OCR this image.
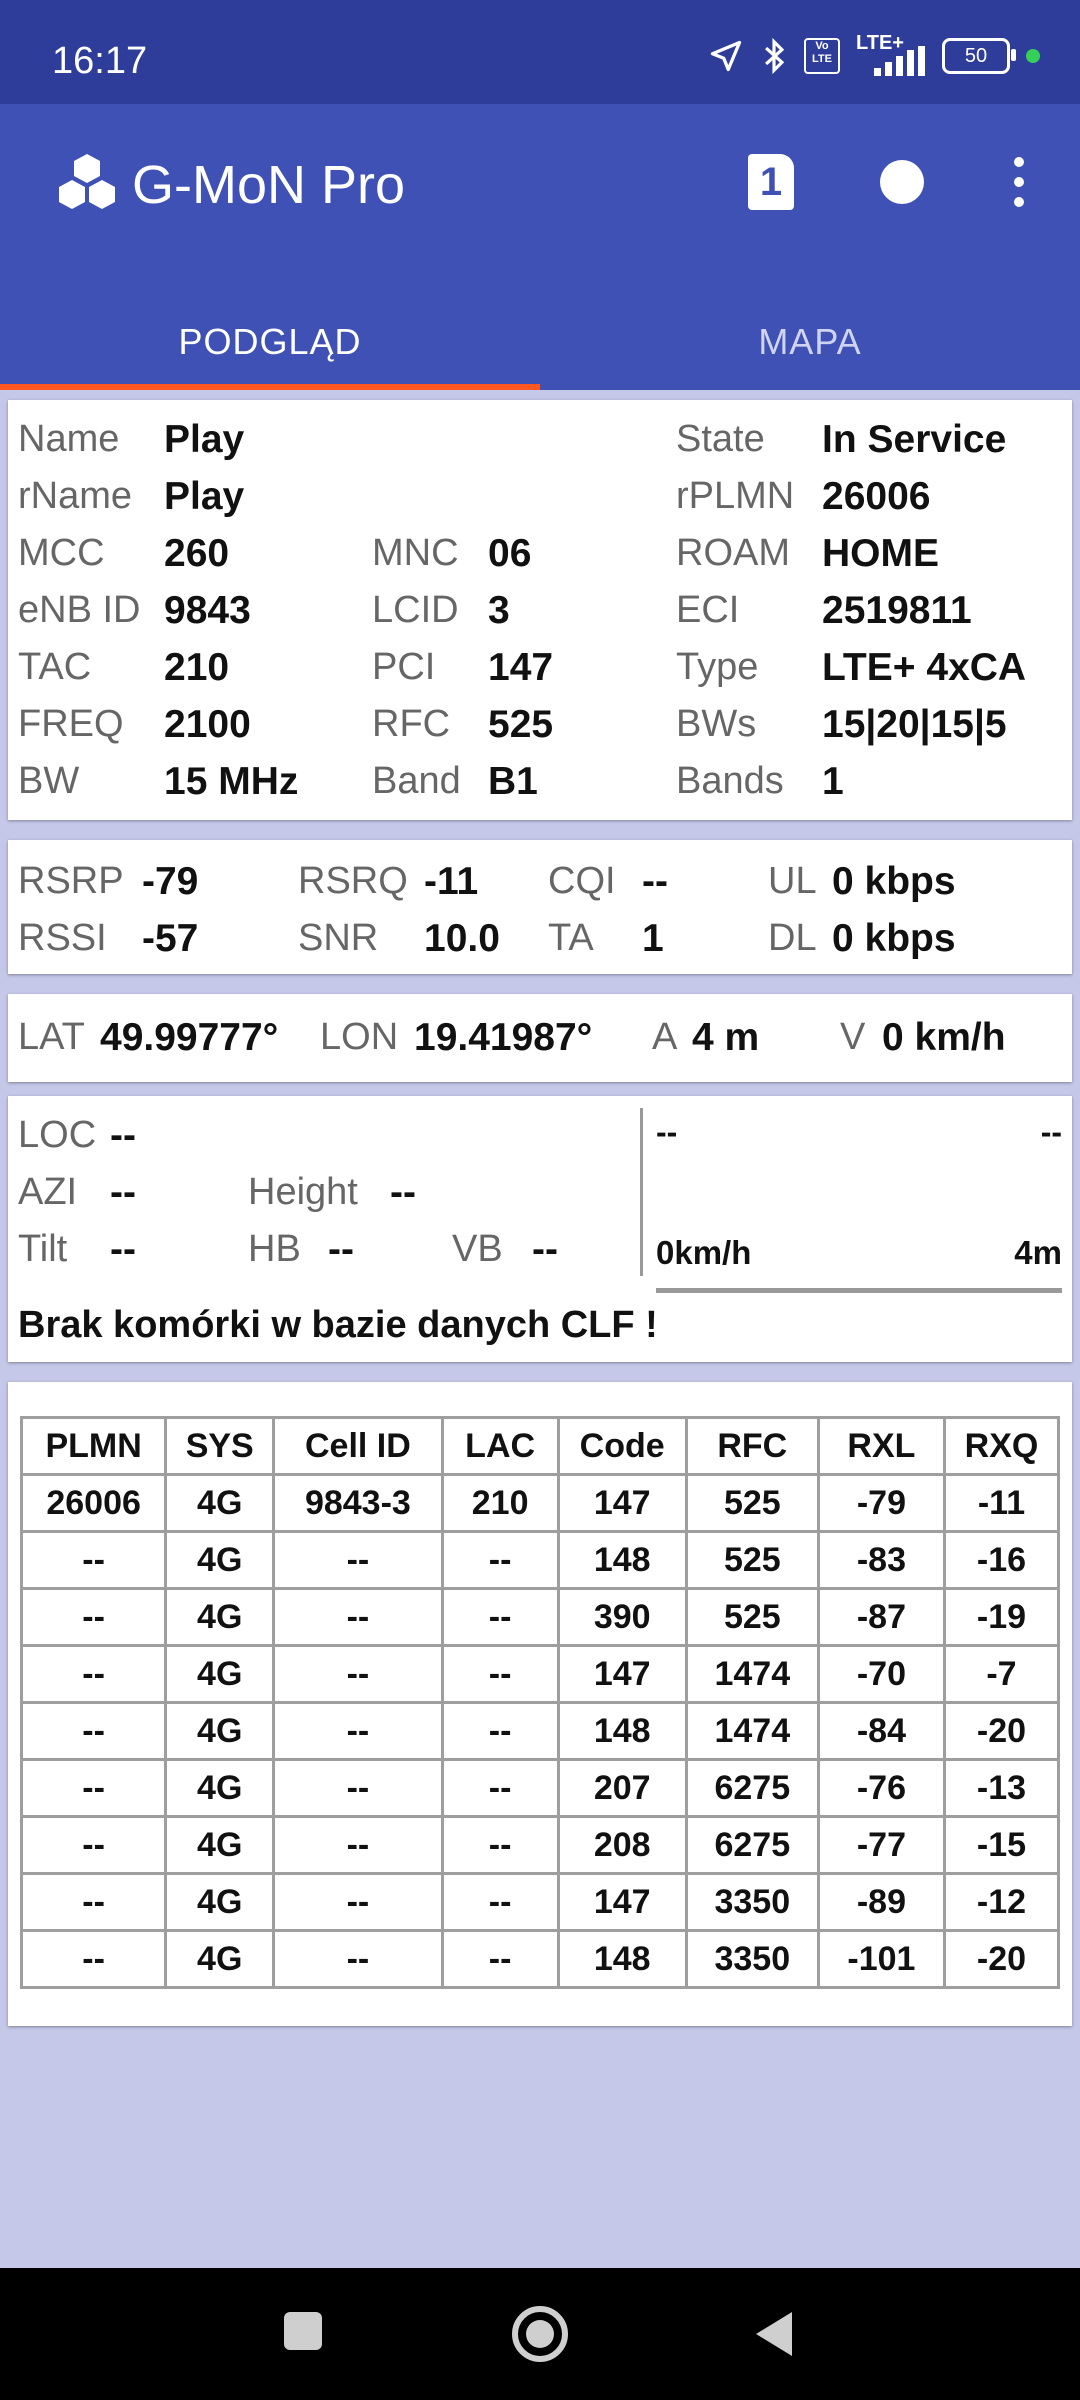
16:17	Vo LTE
LTE+
50
G-MoN Pro	1
PODGLĄD	MAPA
Name Play	State In Service
rName Play	rPLMN 26006
MCC 260	MNC 06	ROAM HOME
eNB ID 9843	LCID 3	ECI 2519811
TAC 210	PCI 147	Type LTE+ 4xCA
FREQ 2100	RFC 525	BWs 15|20|15|5
BW 15 MHz Band B1	Bands 1
RSRP -79	RSRQ -11 CQI --	UL 0 kbps
RSSI -57	SNR 10.0 TA 1	DL 0 kbps
LAT 49.99777° LON 19.41987° A 4 m V 0 km/h
LOC --
AZI --	Height --
Tilt --	HB --	VB --
--	--
0km/h	4m
Brak komórki w bazie danych CLF !
PLMN	SYS	Cell ID	LAC	Code	RFC	RXL	RXQ
26006	4G	9843-3	210	147	525	-79	-11
--	4G	--	--	148	525	-83	-16
--	4G	--	--	390	525	-87	-19
--	4G	--	--	147	1474	-70	-7
--	4G	--	--	148	1474	-84	-20
--	4G	--	--	207	6275	-76	-13
--	4G	--	--	208	6275	-77	-15
--	4G	--	--	147	3350	-89	-12
--	4G	--	--	148	3350	-101	-20
